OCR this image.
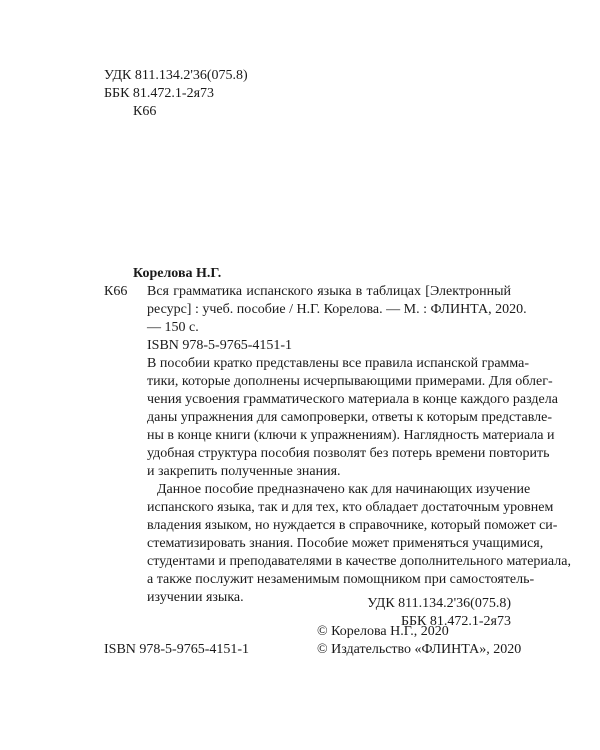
УДК 811.134.2'36(075.8)
ББК 81.472.1-2я73
К66
Корелова Н.Г.
К66 Вся грамматика испанского языка в таблицах [Электронный
ресурс] : учеб. пособие / Н.Г. Корелова. — М. : ФЛИНТА, 2020.
— 150 с.
ISBN 978-5-9765-4151-1
В пособии кратко представлены все правила испанской грамма-
тики, которые дополнены исчерпывающими примерами. Для облег-
чения усвоения грамматического материала в конце каждого раздела
даны упражнения для самопроверки, ответы к которым представле-
ны в конце книги (ключи к упражнениям). Наглядность материала и
удобная структура пособия позволят без потерь времени повторить
и закрепить полученные знания.
Данное пособие предназначено как для начинающих изучение
испанского языка, так и для тех, кто обладает достаточным уровнем
владения языком, но нуждается в справочнике, который поможет си-
стематизировать знания. Пособие может применяться учащимися,
студентами и преподавателями в качестве дополнительного материала,
а также послужит незаменимым помощником при самостоятель-
изучении языка.	УДК 811.134.2'36(075.8)
ББК 81.472.1-2я73
ISBN 978-5-9765-4151-1
© Корелова Н.Г., 2020
© Издательство «ФЛИНТА», 2020
